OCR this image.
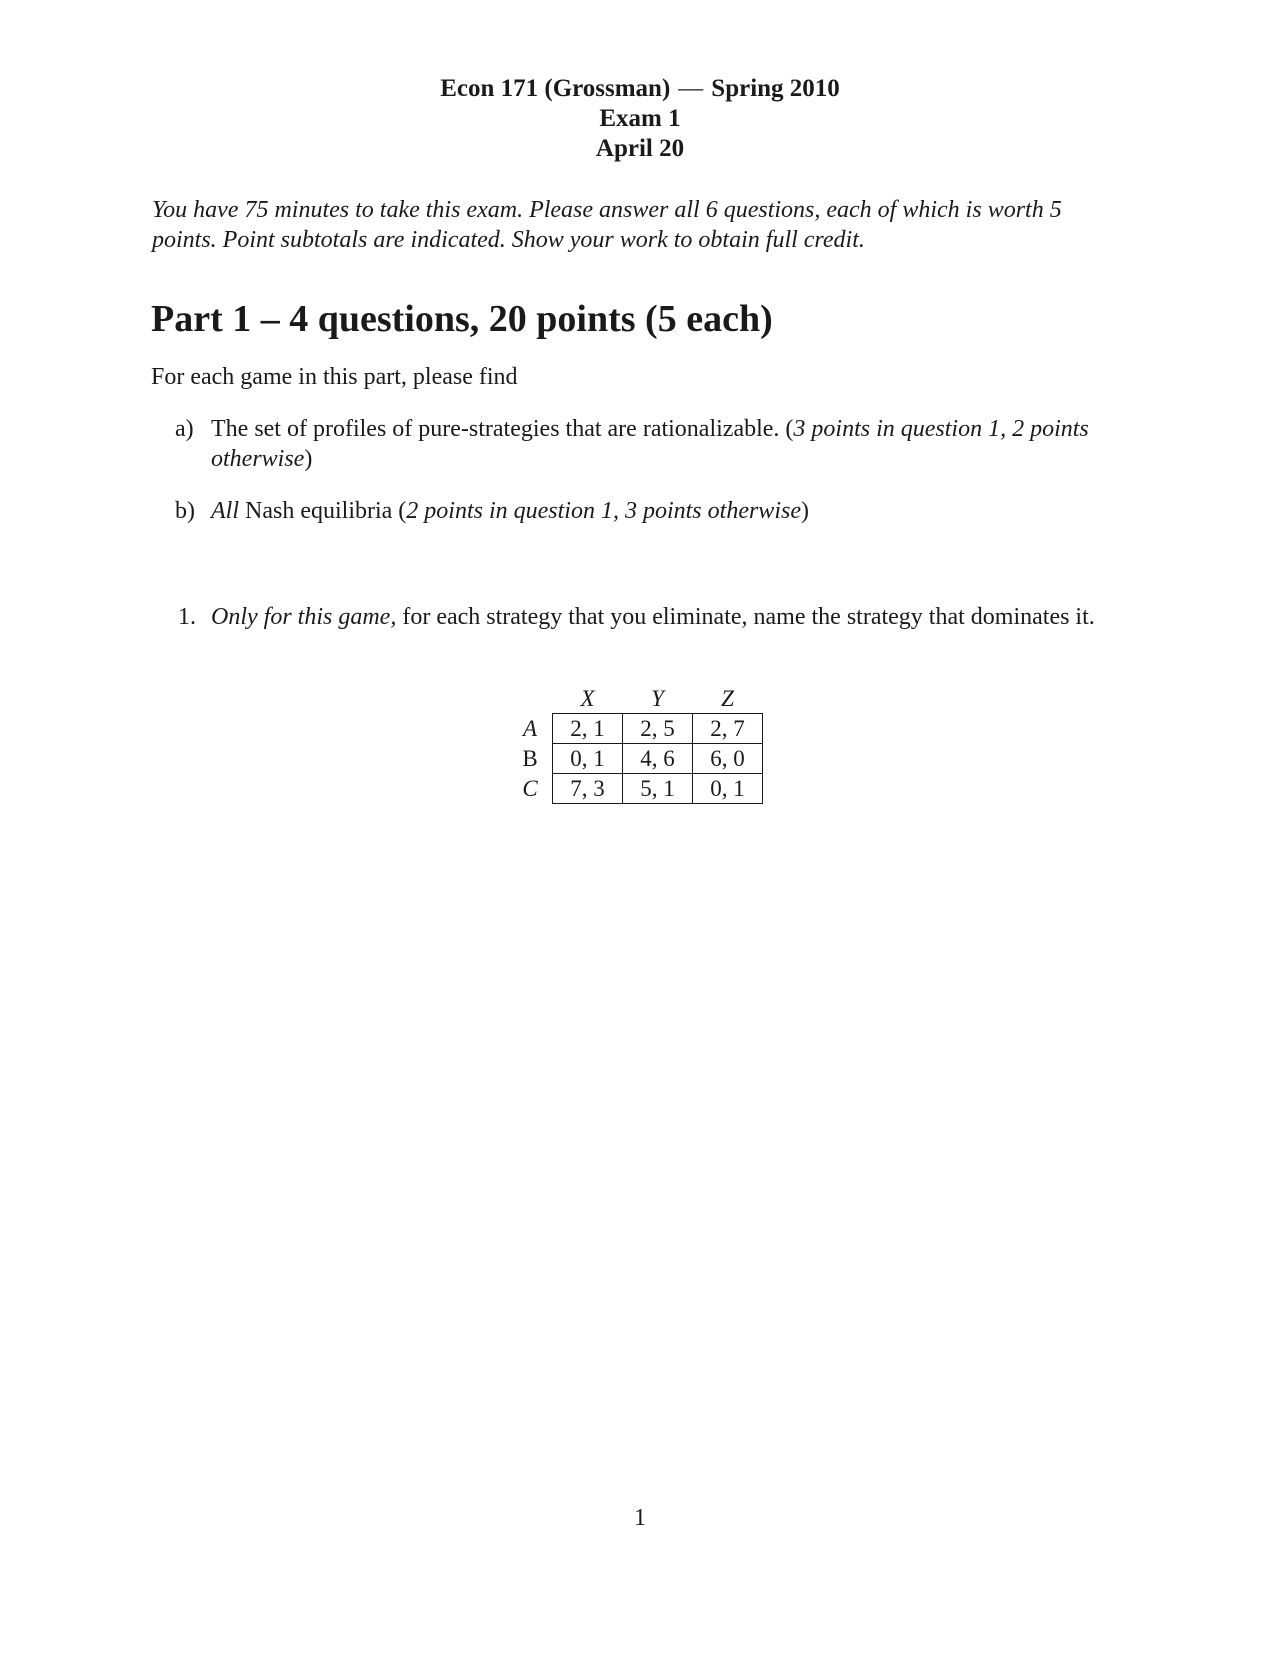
Econ 171 (Grossman) — Spring 2010
Exam 1
April 20
You have 75 minutes to take this exam. Please answer all 6 questions, each of which is worth 5 points. Point subtotals are indicated. Show your work to obtain full credit.
Part 1 – 4 questions, 20 points (5 each)
For each game in this part, please find
a) The set of profiles of pure-strategies that are rationalizable. (3 points in question 1, 2 points otherwise)
b) All Nash equilibria (2 points in question 1, 3 points otherwise)
1. Only for this game, for each strategy that you eliminate, name the strategy that dominates it.
	X	Y	Z
A	2, 1	2, 5	2, 7
B	0, 1	4, 6	6, 0
C	7, 3	5, 1	0, 1
1
